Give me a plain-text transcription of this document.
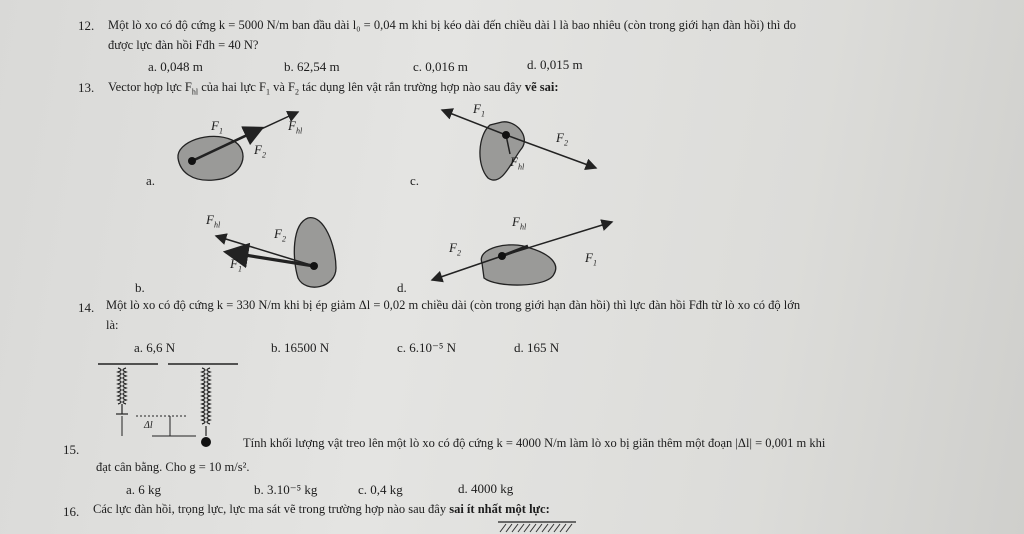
12. Một lò xo có độ cứng k = 5000 N/m ban đầu dài l₀ = 0,04 m khi bị kéo dài đến chiều dài l là bao nhiêu (còn trong giới hạn đàn hồi) thì đo
được lực đàn hồi Fđh = 40 N?
a. 0,048 m	b. 62,54 m	c. 0,016 m	d. 0,015 m
13. Vector hợp lực $F_{hl}$ của hai lực $F_1$ và $F_2$ tác dụng lên vật rắn trường hợp nào sau đây vẽ sai:
a.	c.
b.	d.
$F_1$
$F_2$
$F_{hl}$
$F_1$
$F_2$
$F_{hl}$
$F_{hl}$
$F_2$
$F_1$
$F_{hl}$
$F_2$	$F_1$
14. Một lò xo có độ cứng k = 330 N/m khi bị ép giảm Δl = 0,02 m chiều dài (còn trong giới hạn đàn hồi) thì lực đàn hồi Fđh từ lò xo có độ lớn
là:
a. 6,6 N	b. 16500 N	c. 6.10⁻⁵ N	d. 165 N
Δl
15.	Tính khối lượng vật treo lên một lò xo có độ cứng k = 4000 N/m làm lò xo bị giãn thêm một đoạn |Δl| = 0,001 m khi
đạt cân bằng. Cho g = 10 m/s².
a. 6 kg	b. 3.10⁻⁵ kg	c. 0,4 kg	d. 4000 kg
16. Các lực đàn hồi, trọng lực, lực ma sát vẽ trong trường hợp nào sau đây sai ít nhất một lực:
